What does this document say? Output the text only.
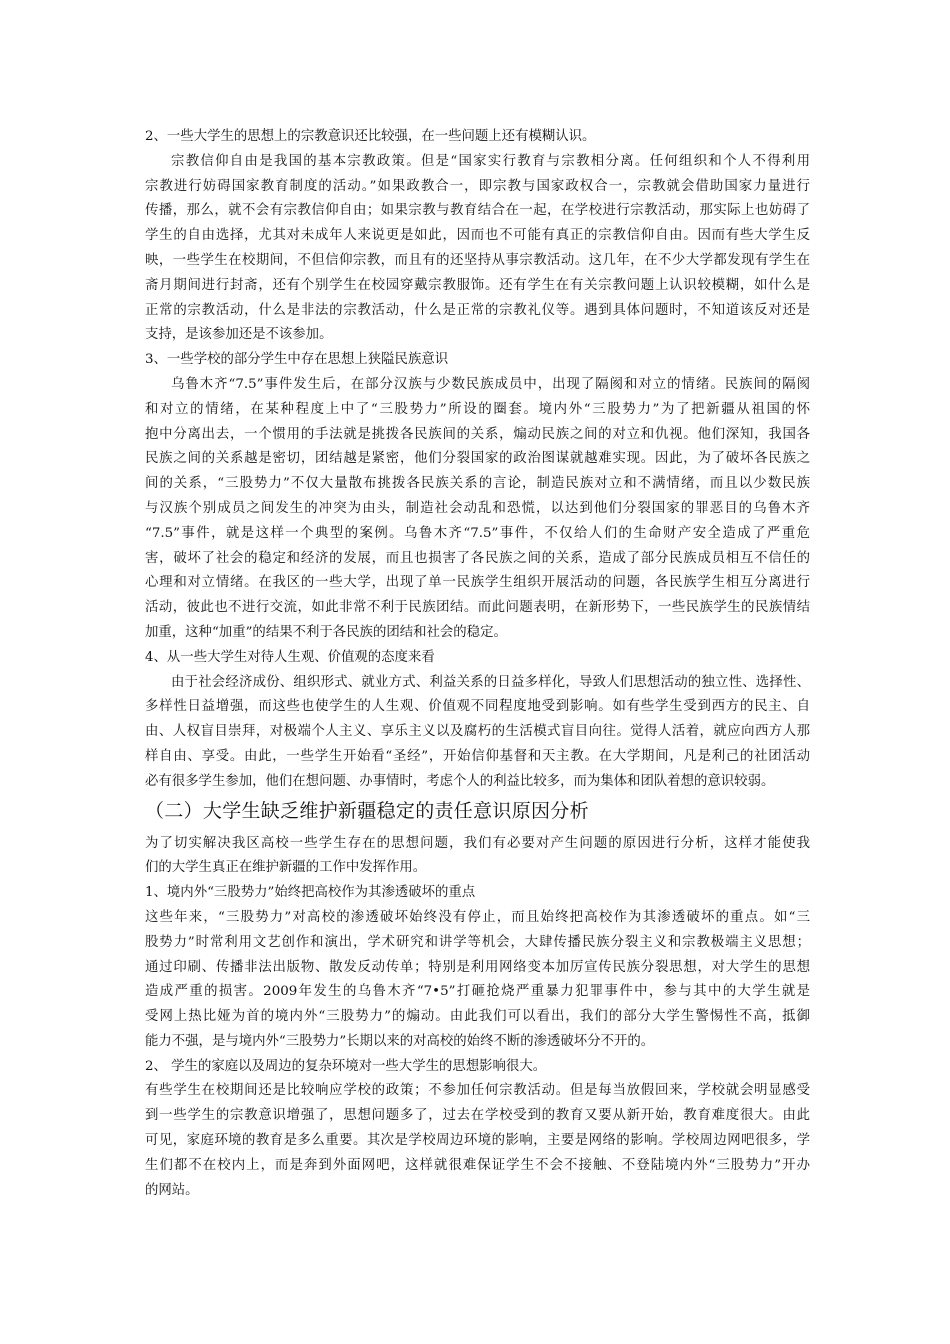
2、一些大学生的思想上的宗教意识还比较强，在一些问题上还有模糊认识。
宗教信仰自由是我国的基本宗教政策。但是“国家实行教育与宗教相分离。任何组织和个人不得利用
宗教进行妨碍国家教育制度的活动。”如果政教合一，即宗教与国家政权合一，宗教就会借助国家力量进行
传播，那么，就不会有宗教信仰自由；如果宗教与教育结合在一起，在学校进行宗教活动，那实际上也妨碍了
学生的自由选择，尤其对未成年人来说更是如此，因而也不可能有真正的宗教信仰自由。因而有些大学生反
映，一些学生在校期间，不但信仰宗教，而且有的还坚持从事宗教活动。这几年，在不少大学都发现有学生在
斋月期间进行封斋，还有个别学生在校园穿戴宗教服饰。还有学生在有关宗教问题上认识较模糊，如什么是
正常的宗教活动，什么是非法的宗教活动，什么是正常的宗教礼仪等。遇到具体问题时，不知道该反对还是
支持，是该参加还是不该参加。
3、一些学校的部分学生中存在思想上狭隘民族意识
乌鲁木齐“7.5”事件发生后，在部分汉族与少数民族成员中，出现了隔阂和对立的情绪。民族间的隔阂
和对立的情绪，在某种程度上中了“三股势力”所设的圈套。境内外“三股势力”为了把新疆从祖国的怀
抱中分离出去，一个惯用的手法就是挑拨各民族间的关系，煽动民族之间的对立和仇视。他们深知，我国各
民族之间的关系越是密切，团结越是紧密，他们分裂国家的政治图谋就越难实现。因此，为了破坏各民族之
间的关系，“三股势力”不仅大量散布挑拨各民族关系的言论，制造民族对立和不满情绪，而且以少数民族
与汉族个别成员之间发生的冲突为由头，制造社会动乱和恐慌，以达到他们分裂国家的罪恶目的乌鲁木齐
“7.5”事件，就是这样一个典型的案例。乌鲁木齐“7.5”事件，不仅给人们的生命财产安全造成了严重危
害，破坏了社会的稳定和经济的发展，而且也损害了各民族之间的关系，造成了部分民族成员相互不信任的
心理和对立情绪。在我区的一些大学，出现了单一民族学生组织开展活动的问题，各民族学生相互分离进行
活动，彼此也不进行交流，如此非常不利于民族团结。而此问题表明，在新形势下，一些民族学生的民族情结
加重，这种“加重”的结果不利于各民族的团结和社会的稳定。
4、从一些大学生对待人生观、价值观的态度来看
由于社会经济成份、组织形式、就业方式、利益关系的日益多样化，导致人们思想活动的独立性、选择性、
多样性日益增强，而这些也使学生的人生观、价值观不同程度地受到影响。如有些学生受到西方的民主、自
由、人权盲目崇拜，对极端个人主义、享乐主义以及腐朽的生活模式盲目向往。觉得人活着，就应向西方人那
样自由、享受。由此，一些学生开始看“圣经”，开始信仰基督和天主教。在大学期间，凡是利己的社团活动
必有很多学生参加，他们在想问题、办事情时，考虑个人的利益比较多，而为集体和团队着想的意识较弱。
（二）大学生缺乏维护新疆稳定的责任意识原因分析
为了切实解决我区高校一些学生存在的思想问题，我们有必要对产生问题的原因进行分析，这样才能使我
们的大学生真正在维护新疆的工作中发挥作用。
1、境内外“三股势力”始终把高校作为其渗透破坏的重点
这些年来，“三股势力”对高校的渗透破坏始终没有停止，而且始终把高校作为其渗透破坏的重点。如“三
股势力”时常利用文艺创作和演出，学术研究和讲学等机会，大肆传播民族分裂主义和宗教极端主义思想；
通过印刷、传播非法出版物、散发反动传单；特别是利用网络变本加厉宣传民族分裂思想，对大学生的思想
造成严重的损害。2009年发生的乌鲁木齐“7•5”打砸抢烧严重暴力犯罪事件中，参与其中的大学生就是
受网上热比娅为首的境内外“三股势力”的煽动。由此我们可以看出，我们的部分大学生警惕性不高，抵御
能力不强，是与境内外“三股势力”长期以来的对高校的始终不断的渗透破坏分不开的。
2、 学生的家庭以及周边的复杂环境对一些大学生的思想影响很大。
有些学生在校期间还是比较响应学校的政策；不参加任何宗教活动。但是每当放假回来，学校就会明显感受
到一些学生的宗教意识增强了，思想问题多了，过去在学校受到的教育又要从新开始，教育难度很大。由此
可见，家庭环境的教育是多么重要。其次是学校周边环境的影响，主要是网络的影响。学校周边网吧很多，学
生们都不在校内上，而是奔到外面网吧，这样就很难保证学生不会不接触、不登陆境内外“三股势力”开办
的网站。
